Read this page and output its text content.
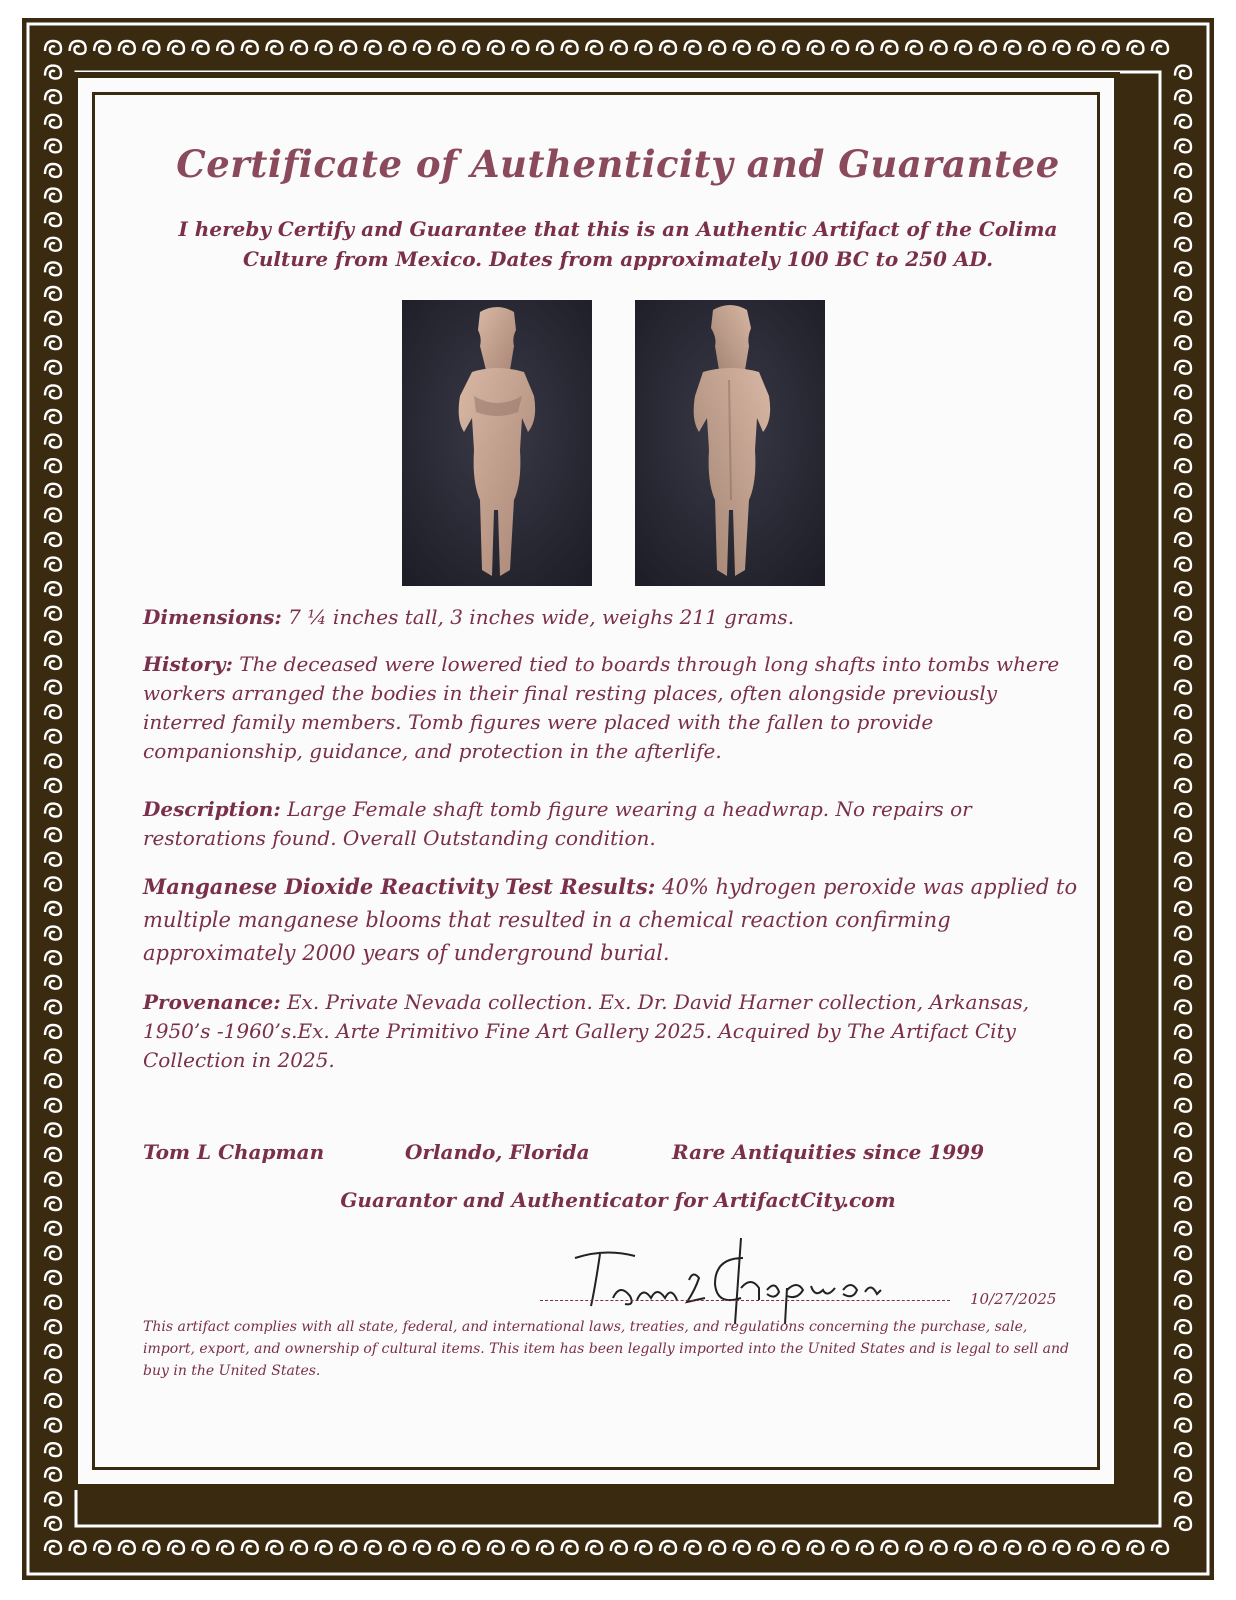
Certificate of Authenticity and Guarantee
I hereby Certify and Guarantee that this is an Authentic Artifact of the Colima
Culture from Mexico. Dates from approximately 100 BC to 250 AD.
Dimensions: 7 ¼ inches tall, 3 inches wide, weighs 211 grams.
History: The deceased were lowered tied to boards through long shafts into tombs where workers arranged the bodies in their final resting places, often alongside previously interred family members. Tomb figures were placed with the fallen to provide companionship, guidance, and protection in the afterlife.
Description: Large Female shaft tomb figure wearing a headwrap. No repairs or restorations found. Overall Outstanding condition.
Manganese Dioxide Reactivity Test Results: 40% hydrogen peroxide was applied to multiple manganese blooms that resulted in a chemical reaction confirming approximately 2000 years of underground burial.
Provenance: Ex. Private Nevada collection. Ex. Dr. David Harner collection, Arkansas, 1950’s -1960’s.Ex. Arte Primitivo Fine Art Gallery 2025. Acquired by The Artifact City Collection in 2025.
Tom L Chapman	Orlando, Florida	Rare Antiquities since 1999
Guarantor and Authenticator for ArtifactCity.com
10/27/2025
This artifact complies with all state, federal, and international laws, treaties, and regulations concerning the purchase, sale, import, export, and ownership of cultural items. This item has been legally imported into the United States and is legal to sell and buy in the United States.
